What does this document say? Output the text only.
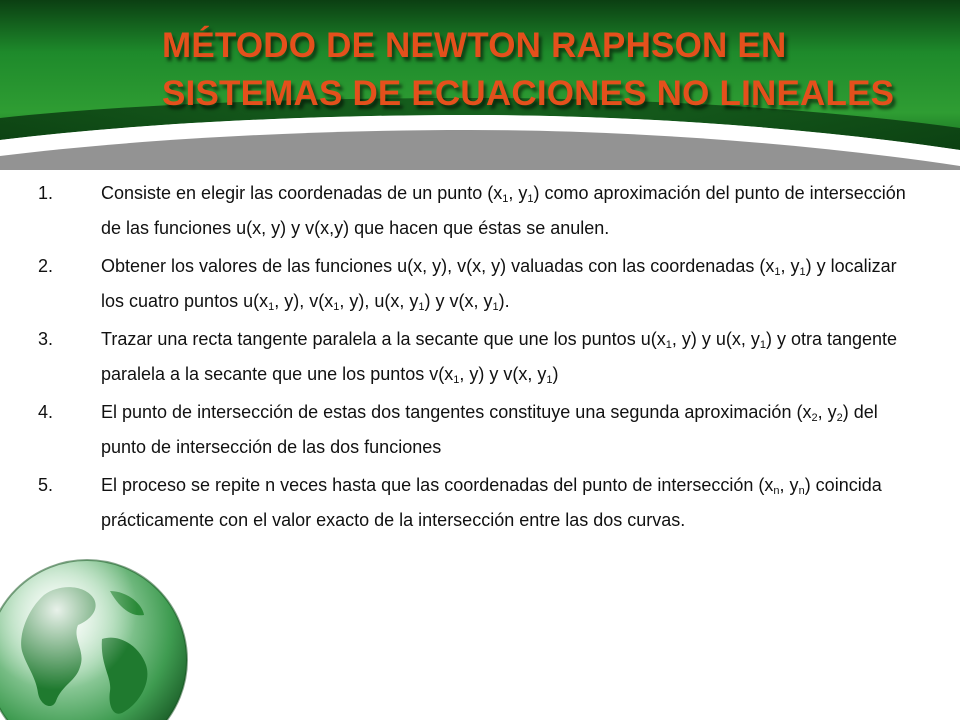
MÉTODO DE NEWTON RAPHSON EN
SISTEMAS DE ECUACIONES NO LINEALES
1.	Consiste en elegir las coordenadas de un punto ($x_1$, $y_1$) como aproximación del punto de intersección de las funciones u(x, y) y v(x,y) que hacen que éstas se anulen.
2.	Obtener los valores de las funciones u(x, y), v(x, y) valuadas con las coordenadas ($x_1$, $y_1$) y localizar los cuatro puntos $u(x_1$, y), $v(x_1$, y), u(x, $y_1$) y v(x, $y_1$).
3.	Trazar una recta tangente paralela a la secante que une los puntos $u(x_1$, y) y u(x, $y_1$) y otra tangente paralela a la secante que une los puntos $v(x_1$, y) y v(x, $y_1$)
4.	El punto de intersección de estas dos tangentes constituye una segunda aproximación ($x_2$, $y_2$) del punto de intersección de las dos funciones
5.	El proceso se repite n veces hasta que las coordenadas del punto de intersección ($x_n$, $y_n$) coincida prácticamente con el valor exacto de la intersección entre las dos curvas.
